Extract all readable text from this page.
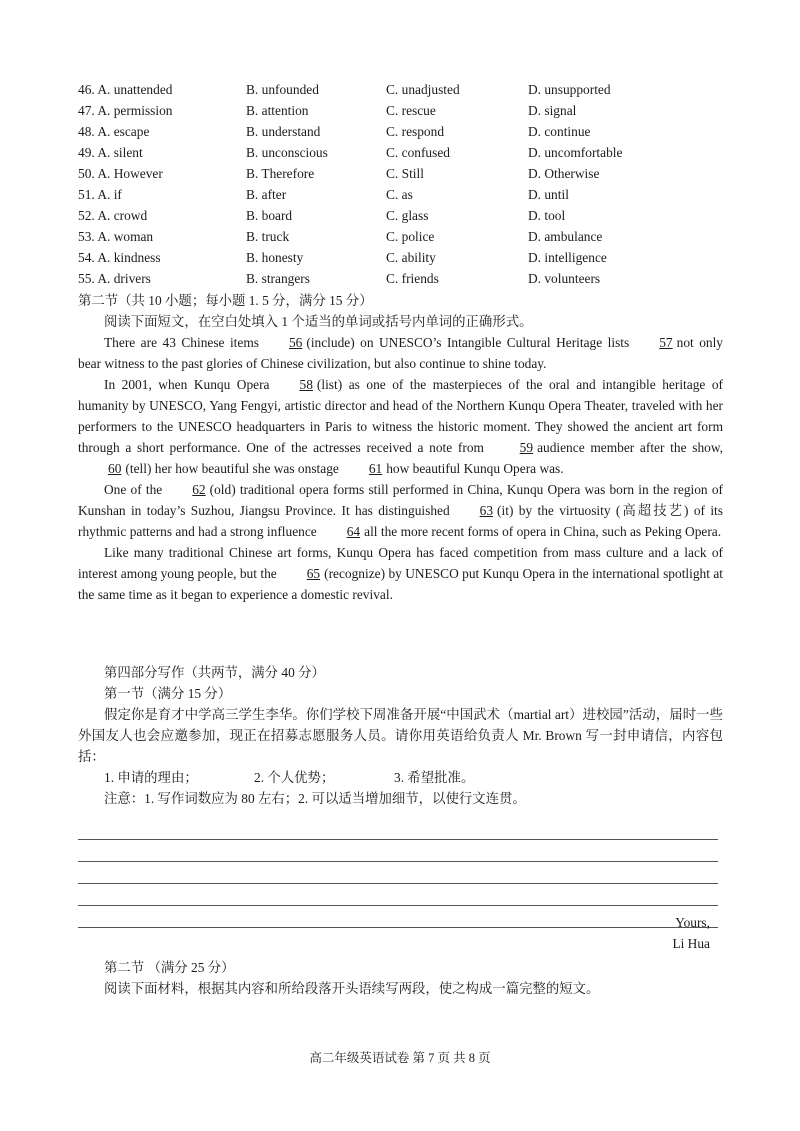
46. A. unattended	B. unfounded	C. unadjusted	D. unsupported
47. A. permission	B. attention	C. rescue	D. signal
48. A. escape	B. understand	C. respond	D. continue
49. A. silent	B. unconscious	C. confused	D. uncomfortable
50. A. However	B. Therefore	C. Still	D. Otherwise
51. A. if	B. after	C. as	D. until
52. A. crowd	B. board	C. glass	D. tool
53. A. woman	B. truck	C. police	D. ambulance
54. A. kindness	B. honesty	C. ability	D. intelligence
55. A. drivers	B. strangers	C. friends	D. volunteers
第二节（共 10 小题；每小题 1. 5 分，满分 15 分）
阅读下面短文，在空白处填入 1 个适当的单词或括号内单词的正确形式。

There are 43 Chinese items 56 (include) on UNESCO’s Intangible Cultural Heritage lists 57 not only bear witness to the past glories of Chinese civilization, but also continue to shine today.

In 2001, when Kunqu Opera 58 (list) as one of the masterpieces of the oral and intangible heritage of humanity by UNESCO, Yang Fengyi, artistic director and head of the Northern Kunqu Opera Theater, traveled with her performers to the UNESCO headquarters in Paris to witness the historic moment. They showed the ancient art form through a short performance. One of the actresses received a note from	59 audience member after the show,60 (tell) her how beautiful she was onstage 61 how beautiful Kunqu Opera was.

One of the 62 (old) traditional opera forms still performed in China, Kunqu Opera was born in the region of Kunshan in today’s Suzhou, Jiangsu Province. It has distinguished 63 (it) by the virtuosity (高超技艺) of its rhythmic patterns and had a strong influence 64 all the more recent forms of opera in China, such as Peking Opera.

Like many traditional Chinese art forms, Kunqu Opera has faced competition from mass culture and a lack of interest among young people, but the 65 (recognize) by UNESCO put Kunqu Opera in the international spotlight at the same time as it began to experience a domestic revival.

第四部分写作（共两节，满分 40 分）
第一节（满分 15 分）

假定你是育才中学高三学生李华。你们学校下周准备开展“中国武术（martial art）进校园”活动，届时一些外国友人也会应邀参加，现正在招募志愿服务人员。请你用英语给负责人 Mr. Brown 写一封申请信，内容包括：

1. 申请的理由；	2. 个人优势；	3. 希望批准。
注意：1. 写作词数应为 80 左右；2. 可以适当增加细节，以使行文连贯。
Yours,
Li Hua
第二节 （满分 25 分）
阅读下面材料，根据其内容和所给段落开头语续写两段，使之构成一篇完整的短文。
高二年级英语试卷 第 7 页 共 8 页
